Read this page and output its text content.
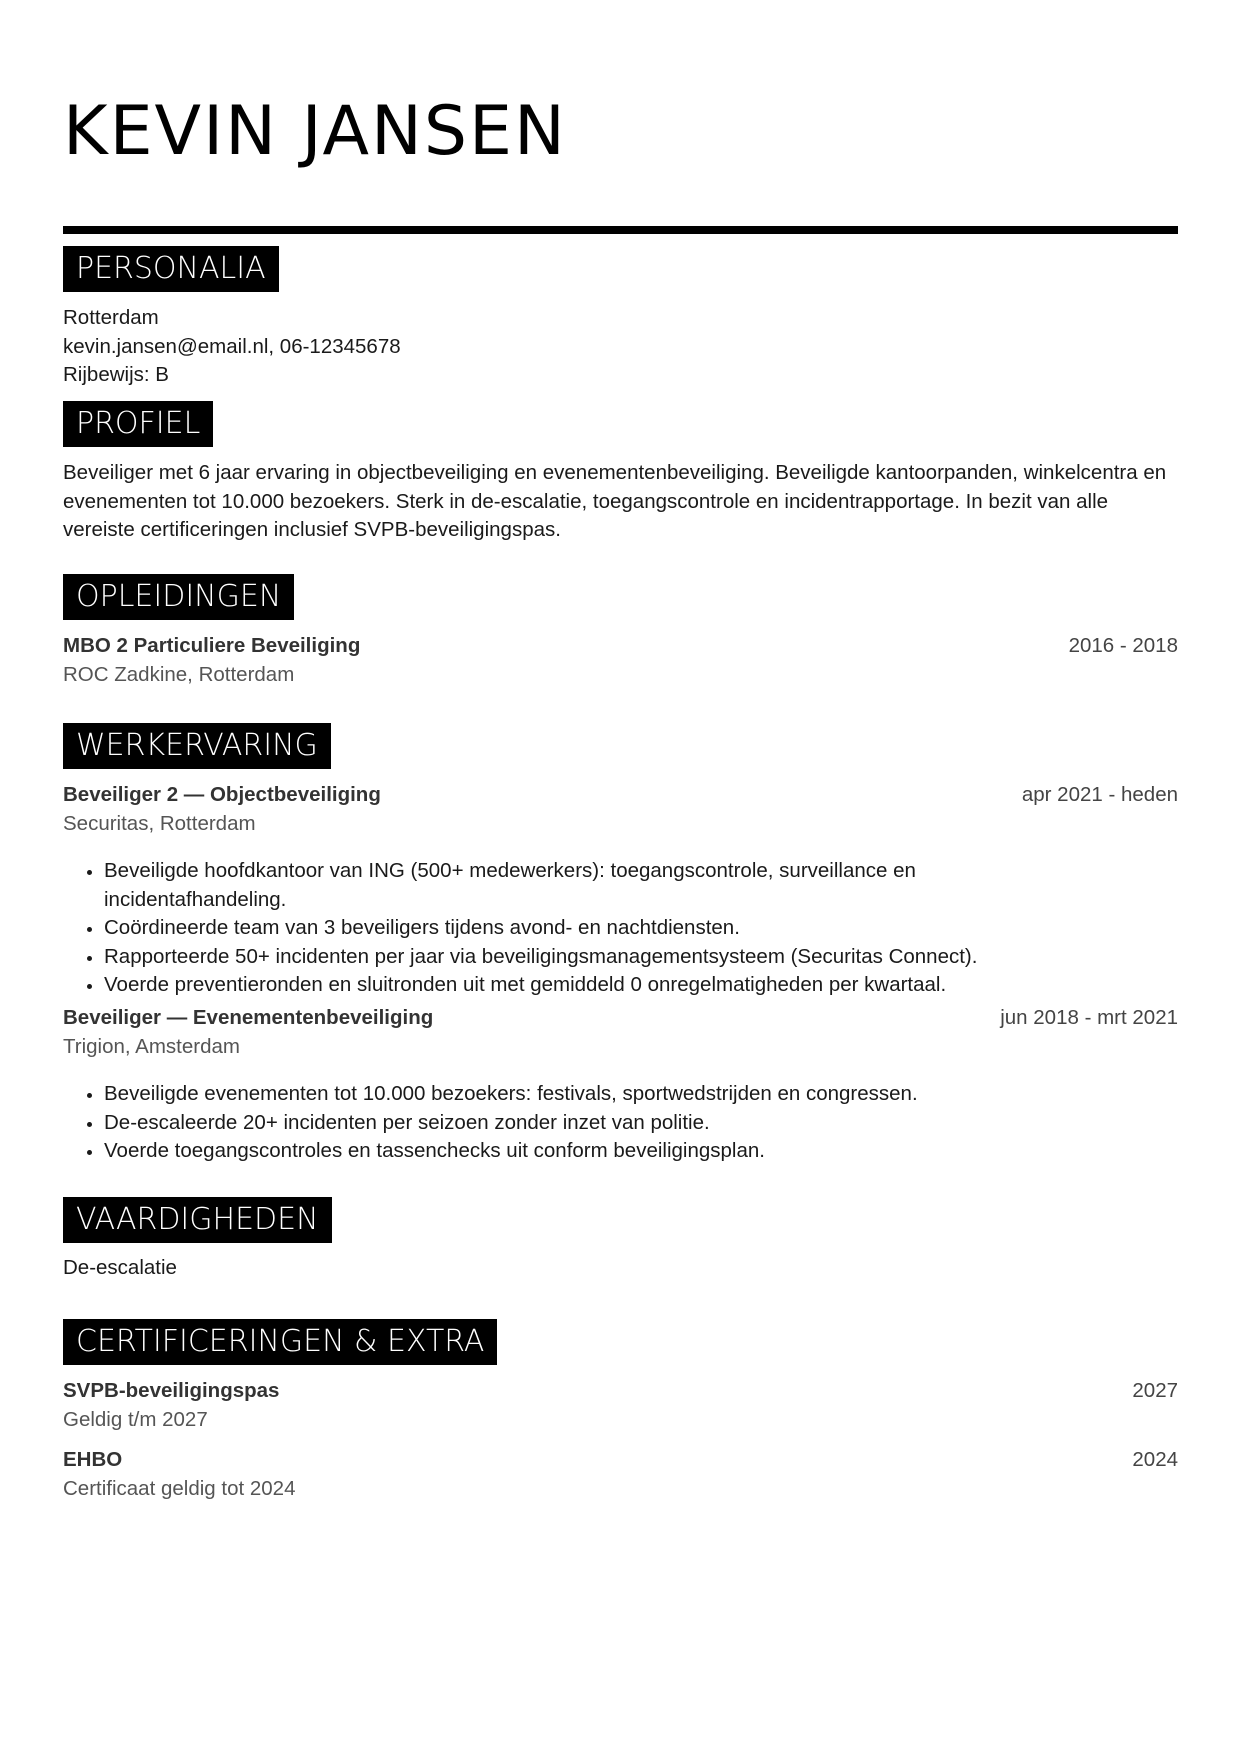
KEVIN JANSEN
PERSONALIA
Rotterdam
kevin.jansen@email.nl, 06-12345678
Rijbewijs: B
PROFIEL
Beveiliger met 6 jaar ervaring in objectbeveiliging en evenementenbeveiliging. Beveiligde kantoorpanden, winkelcentra en evenementen tot 10.000 bezoekers. Sterk in de-escalatie, toegangscontrole en incidentrapportage. In bezit van alle vereiste certificeringen inclusief SVPB-beveiligingspas.
OPLEIDINGEN
MBO 2 Particuliere Beveiliging	2016 - 2018
ROC Zadkine, Rotterdam
WERKERVARING
Beveiliger 2 — Objectbeveiliging	apr 2021 - heden
Securitas, Rotterdam
• Beveiligde hoofdkantoor van ING (500+ medewerkers): toegangscontrole, surveillance en incidentafhandeling.
• Coördineerde team van 3 beveiligers tijdens avond- en nachtdiensten.
• Rapporteerde 50+ incidenten per jaar via beveiligingsmanagementsysteem (Securitas Connect).
• Voerde preventieronden en sluitronden uit met gemiddeld 0 onregelmatigheden per kwartaal.
Beveiliger — Evenementenbeveiliging	jun 2018 - mrt 2021
Trigion, Amsterdam
• Beveiligde evenementen tot 10.000 bezoekers: festivals, sportwedstrijden en congressen.
• De-escaleerde 20+ incidenten per seizoen zonder inzet van politie.
• Voerde toegangscontroles en tassenchecks uit conform beveiligingsplan.
VAARDIGHEDEN
De-escalatie
CERTIFICERINGEN & EXTRA
SVPB-beveiligingspas	2027
Geldig t/m 2027
EHBO	2024
Certificaat geldig tot 2024
